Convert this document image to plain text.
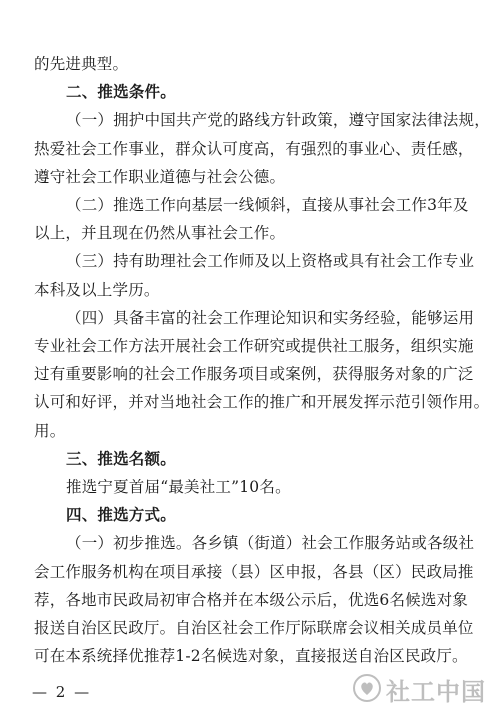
的先进典型。
二、推选条件。
（一）拥护中国共产党的路线方针政策，遵守国家法律法规，
热爱社会工作事业，群众认可度高，有强烈的事业心、责任感，
遵守社会工作职业道德与社会公德。
（二）推选工作向基层一线倾斜，直接从事社会工作3年及
以上，并且现在仍然从事社会工作。
（三）持有助理社会工作师及以上资格或具有社会工作专业
本科及以上学历。
（四）具备丰富的社会工作理论知识和实务经验，能够运用
专业社会工作方法开展社会工作研究或提供社工服务，组织实施
过有重要影响的社会工作服务项目或案例，获得服务对象的广泛
认可和好评，并对当地社会工作的推广和开展发挥示范引领作用。
用。
三、推选名额。
推选宁夏首届“最美社工”10名。
四、推选方式。
（一）初步推选。各乡镇（街道）社会工作服务站或各级社
会工作服务机构在项目承接（县）区申报，各县（区）民政局推
荐，各地市民政局初审合格并在本级公示后，优选6名候选对象
报送自治区民政厅。自治区社会工作厅际联席会议相关成员单位
可在本系统择优推荐1-2名候选对象，直接报送自治区民政厅。
— 2 —	社工中国
